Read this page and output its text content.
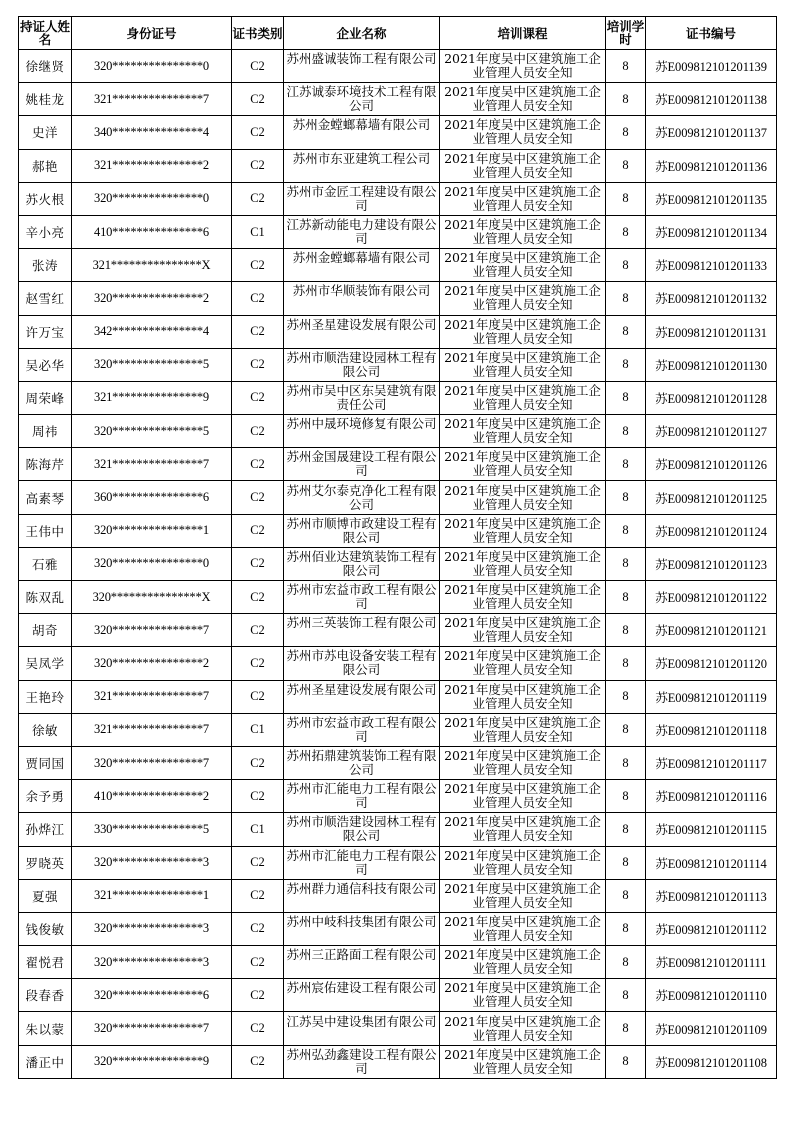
持证人姓名	身份证号	证书类别	企业名称	培训课程	培训学时	证书编号
徐继贤	320***************0	C2	苏州盛诚装饰工程有限公司	2021年度吴中区建筑施工企业管理人员安全知	8	苏E009812101201139
姚桂龙	321***************7	C2	江苏诚泰环境技术工程有限公司	2021年度吴中区建筑施工企业管理人员安全知	8	苏E009812101201138
史洋	340***************4	C2	苏州金螳螂幕墙有限公司	2021年度吴中区建筑施工企业管理人员安全知	8	苏E009812101201137
郝艳	321***************2	C2	苏州市东亚建筑工程公司	2021年度吴中区建筑施工企业管理人员安全知	8	苏E009812101201136
苏火根	320***************0	C2	苏州市金匠工程建设有限公司	2021年度吴中区建筑施工企业管理人员安全知	8	苏E009812101201135
辛小亮	410***************6	C1	江苏新动能电力建设有限公司	2021年度吴中区建筑施工企业管理人员安全知	8	苏E009812101201134
张涛	321***************X	C2	苏州金螳螂幕墙有限公司	2021年度吴中区建筑施工企业管理人员安全知	8	苏E009812101201133
赵雪红	320***************2	C2	苏州市华顺装饰有限公司	2021年度吴中区建筑施工企业管理人员安全知	8	苏E009812101201132
许万宝	342***************4	C2	苏州圣星建设发展有限公司	2021年度吴中区建筑施工企业管理人员安全知	8	苏E009812101201131
吴必华	320***************5	C2	苏州市顺浩建设园林工程有限公司	2021年度吴中区建筑施工企业管理人员安全知	8	苏E009812101201130
周荣峰	321***************9	C2	苏州市吴中区东吴建筑有限责任公司	2021年度吴中区建筑施工企业管理人员安全知	8	苏E009812101201128
周祎	320***************5	C2	苏州中晟环境修复有限公司	2021年度吴中区建筑施工企业管理人员安全知	8	苏E009812101201127
陈海芹	321***************7	C2	苏州金国晟建设工程有限公司	2021年度吴中区建筑施工企业管理人员安全知	8	苏E009812101201126
高素琴	360***************6	C2	苏州艾尔泰克净化工程有限公司	2021年度吴中区建筑施工企业管理人员安全知	8	苏E009812101201125
王伟中	320***************1	C2	苏州市顺博市政建设工程有限公司	2021年度吴中区建筑施工企业管理人员安全知	8	苏E009812101201124
石雅	320***************0	C2	苏州佰业达建筑装饰工程有限公司	2021年度吴中区建筑施工企业管理人员安全知	8	苏E009812101201123
陈双乱	320***************X	C2	苏州市宏益市政工程有限公司	2021年度吴中区建筑施工企业管理人员安全知	8	苏E009812101201122
胡奇	320***************7	C2	苏州三英装饰工程有限公司	2021年度吴中区建筑施工企业管理人员安全知	8	苏E009812101201121
吴凤学	320***************2	C2	苏州市苏电设备安装工程有限公司	2021年度吴中区建筑施工企业管理人员安全知	8	苏E009812101201120
王艳玲	321***************7	C2	苏州圣星建设发展有限公司	2021年度吴中区建筑施工企业管理人员安全知	8	苏E009812101201119
徐敏	321***************7	C1	苏州市宏益市政工程有限公司	2021年度吴中区建筑施工企业管理人员安全知	8	苏E009812101201118
贾同国	320***************7	C2	苏州拓鼎建筑装饰工程有限公司	2021年度吴中区建筑施工企业管理人员安全知	8	苏E009812101201117
余予勇	410***************2	C2	苏州市汇能电力工程有限公司	2021年度吴中区建筑施工企业管理人员安全知	8	苏E009812101201116
孙烨江	330***************5	C1	苏州市顺浩建设园林工程有限公司	2021年度吴中区建筑施工企业管理人员安全知	8	苏E009812101201115
罗晓英	320***************3	C2	苏州市汇能电力工程有限公司	2021年度吴中区建筑施工企业管理人员安全知	8	苏E009812101201114
夏强	321***************1	C2	苏州群力通信科技有限公司	2021年度吴中区建筑施工企业管理人员安全知	8	苏E009812101201113
钱俊敏	320***************3	C2	苏州中岐科技集团有限公司	2021年度吴中区建筑施工企业管理人员安全知	8	苏E009812101201112
翟悦君	320***************3	C2	苏州三正路面工程有限公司	2021年度吴中区建筑施工企业管理人员安全知	8	苏E009812101201111
段春香	320***************6	C2	苏州宸佑建设工程有限公司	2021年度吴中区建筑施工企业管理人员安全知	8	苏E009812101201110
朱以蒙	320***************7	C2	江苏吴中建设集团有限公司	2021年度吴中区建筑施工企业管理人员安全知	8	苏E009812101201109
潘正中	320***************9	C2	苏州弘劲鑫建设工程有限公司	2021年度吴中区建筑施工企业管理人员安全知	8	苏E009812101201108
